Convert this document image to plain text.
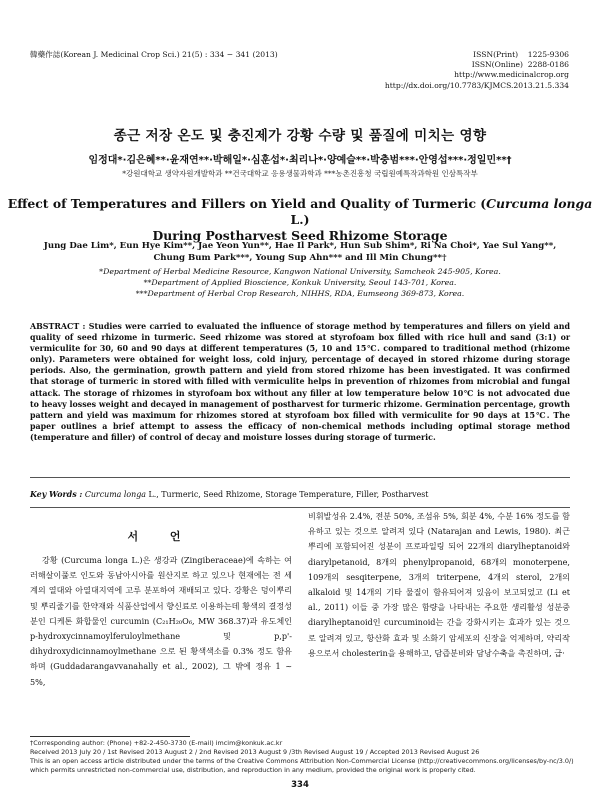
韓藥作誌(Korean J. Medicinal Crop Sci.) 21(5) : 334 − 341 (2013)	ISSN(Print)    1225-9306
ISSN(Online)  2288-0186
http://www.medicinalcrop.org
http://dx.doi.org/10.7783/KJMCS.2013.21.5.334
종근 저장 온도 및 충진제가 강황 수량 및 품질에 미치는 영향
임정대*·김은혜**·윤재연**·박해일*·심훈섭*·최리나*·양예슬**·박충범***·안영섭***·정일민**†
*강원대학교 생약자원개발학과 **건국대학교 응용생물과학과 ***농촌진흥청 국립원예특작과학원 인삼특작부
Effect of Temperatures and Fillers on Yield and Quality of Turmeric (Curcuma longa L.)
During Postharvest Seed Rhizome Storage
Jung Dae Lim*, Eun Hye Kim**, Jae Yeon Yun**, Hae Il Park*, Hun Sub Shim*, Ri Na Choi*, Yae Sul Yang**,
Chung Bum Park***, Young Sup Ahn*** and Ill Min Chung**†
*Department of Herbal Medicine Resource, Kangwon National University, Samcheok 245-905, Korea.
**Department of Applied Bioscience, Konkuk University, Seoul 143-701, Korea.
***Department of Herbal Crop Research, NIHHS, RDA, Eumseong 369-873, Korea.
ABSTRACT : Studies were carried to evaluated the influence of storage method by temperatures and fillers on yield and quality of seed rhizome in turmeric. Seed rhizome was stored at styrofoam box filled with rice hull and sand (3:1) or vermiculite for 30, 60 and 90 days at different temperatures (5, 10 and 15℃. compared to traditional method (rhizome only). Parameters were obtained for weight loss, cold injury, percentage of decayed in stored rhizome during storage periods. Also, the germination, growth pattern and yield from stored rhizome has been investigated. It was confirmed that storage of turmeric in stored with filled with vermiculite helps in prevention of rhizomes from microbial and fungal attack. The storage of rhizomes in styrofoam box without any filler at low temperature below 10℃ is not advocated due to heavy losses weight and decayed in management of postharvest for turmeric rhizome. Germination percentage, growth pattern and yield was maximum for rhizomes stored at styrofoam box filled with vermiculite for 90 days at 15℃. The paper outlines a brief attempt to assess the efficacy of non-chemical methods including optimal storage method (temperature and filler) of control of decay and moisture losses during storage of turmeric.
Key Words : Curcuma longa L., Turmeric, Seed Rhizome, Storage Temperature, Filler, Postharvest
서 언

강황 (Curcuma longa L.)은 생강과 (Zingiberaceae)에 속하는 여러해살이풀로 인도와 동남아시아를 원산지로 하고 있으나 현재에는 전 세계의 열대와 아열대지역에 고루 분포하여 재배되고 있다. 강황은 덩이뿌리 및 뿌리줄기를 한약재와 식품산업에서 향신료로 이용하는데 황색의 결정성분인 디케톤 화합물인 curcumin (C₂₁H₂₀O₆, MW 368.37)과 유도체인 p-hydroxycinnamoylferuloylmethane 및 p,p'-dihydroxydicinnamoylmethane 으로 된 황색색소를 0.3% 정도 함유하며 (Guddadarangavvanahally et al., 2002), 그 밖에 정유 1 ~ 5%,

비휘발성유 2.4%, 전분 50%, 조섬유 5%, 회분 4%, 수분 16% 정도를 함유하고 있는 것으로 알려져 있다 (Natarajan and Lewis, 1980). 최근 뿌리에 포함되어진 성분이 프로파일링 되어 22개의 diarylheptanoid와 diarylpetanoid, 8개의 phenylpropanoid, 68개의 monoterpene, 109개의 sesqiterpene, 3개의 triterpene, 4개의 sterol, 2개의 alkaloid 및 14개의 기타 물질이 함유되어져 있음이 보고되었고 (Li et al., 2011) 이들 중 가장 많은 함량을 나타내는 주요한 생리활성 성분중 diarylheptanoid인 curcuminoid는 간을 강화시키는 효과가 있는 것으로 알려져 있고, 항산화 효과 및 소화기 암세포의 신장을 억제하며, 약리작용으로서 cholesterin을 용해하고, 담즙분비와 담낭수축을 촉진하며, 급·

†Corresponding author: (Phone) +82-2-450-3730 (E-mail) imcim@konkuk.ac.kr
Received 2013 July 20 / 1st Revised 2013 August 2 / 2nd Revised 2013 August 9 /3th Revised August 19 / Accepted 2013 Revised August 26
This is an open access article distributed under the terms of the Creative Commons Attribution Non-Commercial License (http://creativecommons.org/licenses/by-nc/3.0/) which permits unrestricted non-commercial use, distribution, and reproduction in any medium, provided the original work is properly cited.
334
